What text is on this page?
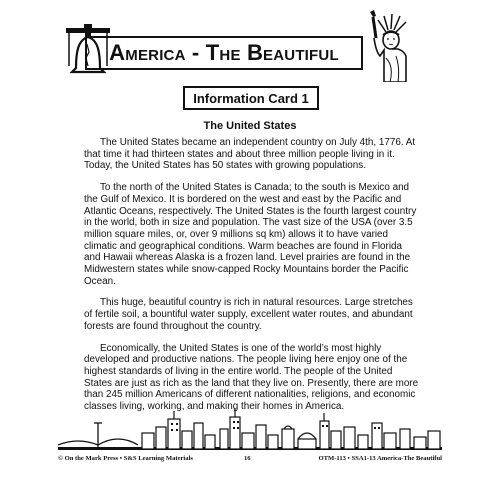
America - The Beautiful
Information Card 1
The United States

The United States became an independent country on July 4th, 1776. At that time it had thirteen states and about three million people living in it. Today, the United States has 50 states with growing populations.

To the north of the United States is Canada; to the south is Mexico and the Gulf of Mexico. It is bordered on the west and east by the Pacific and Atlantic Oceans, respectively. The United States is the fourth largest country in the world, both in size and population. The vast size of the USA (over 3.5 million square miles, or, over 9 millions sq km) allows it to have varied climatic and geographical conditions. Warm beaches are found in Florida and Hawaii whereas Alaska is a frozen land. Level prairies are found in the Midwestern states while snow-capped Rocky Mountains border the Pacific Ocean.

This huge, beautiful country is rich in natural resources. Large stretches of fertile soil, a bountiful water supply, excellent water routes, and abundant forests are found throughout the country.

Economically, the United States is one of the world’s most highly developed and productive nations. The people living here enjoy one of the highest standards of living in the entire world. The people of the United States are just as rich as the land that they live on. Presently, there are more than 245 million Americans of different nationalities, religions, and economic classes living, working, and making their homes in America.

© On the Mark Press • S&S Learning Materials	16	OTM-113 • SSA1-13 America-The Beautiful
